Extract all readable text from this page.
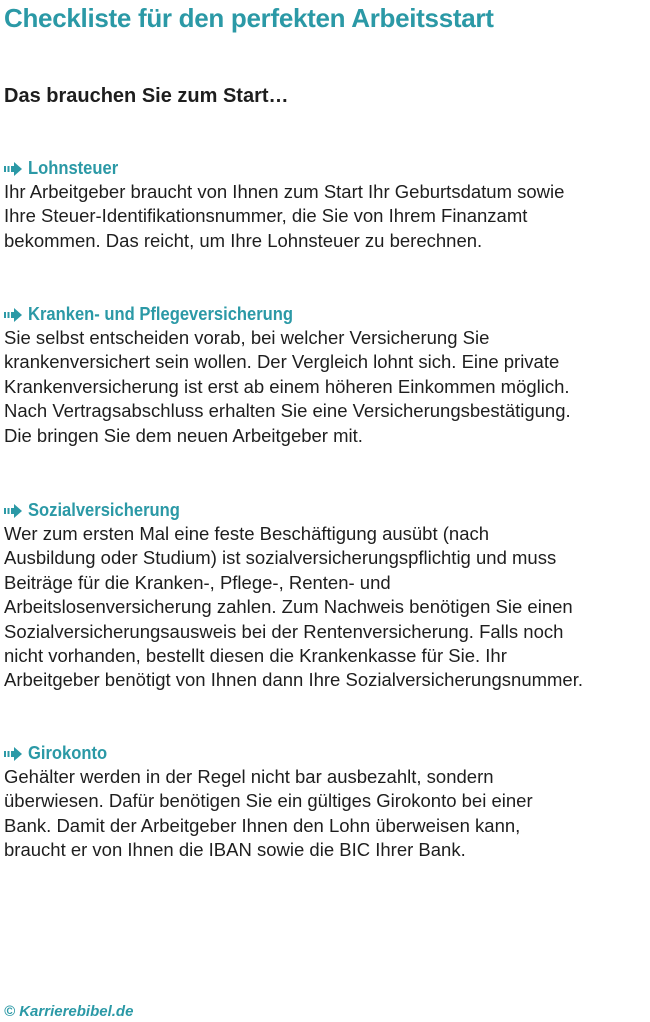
Checkliste für den perfekten Arbeitsstart
Das brauchen Sie zum Start…
Lohnsteuer

Ihr Arbeitgeber braucht von Ihnen zum Start Ihr Geburtsdatum sowie
Ihre Steuer-Identifikationsnummer, die Sie von Ihrem Finanzamt
bekommen. Das reicht, um Ihre Lohnsteuer zu berechnen.

Kranken- und Pflegeversicherung

Sie selbst entscheiden vorab, bei welcher Versicherung Sie
krankenversichert sein wollen. Der Vergleich lohnt sich. Eine private
Krankenversicherung ist erst ab einem höheren Einkommen möglich.
Nach Vertragsabschluss erhalten Sie eine Versicherungsbestätigung.
Die bringen Sie dem neuen Arbeitgeber mit.

Sozialversicherung

Wer zum ersten Mal eine feste Beschäftigung ausübt (nach
Ausbildung oder Studium) ist sozialversicherungspflichtig und muss
Beiträge für die Kranken-, Pflege-, Renten- und
Arbeitslosenversicherung zahlen. Zum Nachweis benötigen Sie einen
Sozialversicherungsausweis bei der Rentenversicherung. Falls noch
nicht vorhanden, bestellt diesen die Krankenkasse für Sie. Ihr
Arbeitgeber benötigt von Ihnen dann Ihre Sozialversicherungsnummer.

Girokonto

Gehälter werden in der Regel nicht bar ausbezahlt, sondern
überwiesen. Dafür benötigen Sie ein gültiges Girokonto bei einer
Bank. Damit der Arbeitgeber Ihnen den Lohn überweisen kann,
braucht er von Ihnen die IBAN sowie die BIC Ihrer Bank.

© Karrierebibel.de
